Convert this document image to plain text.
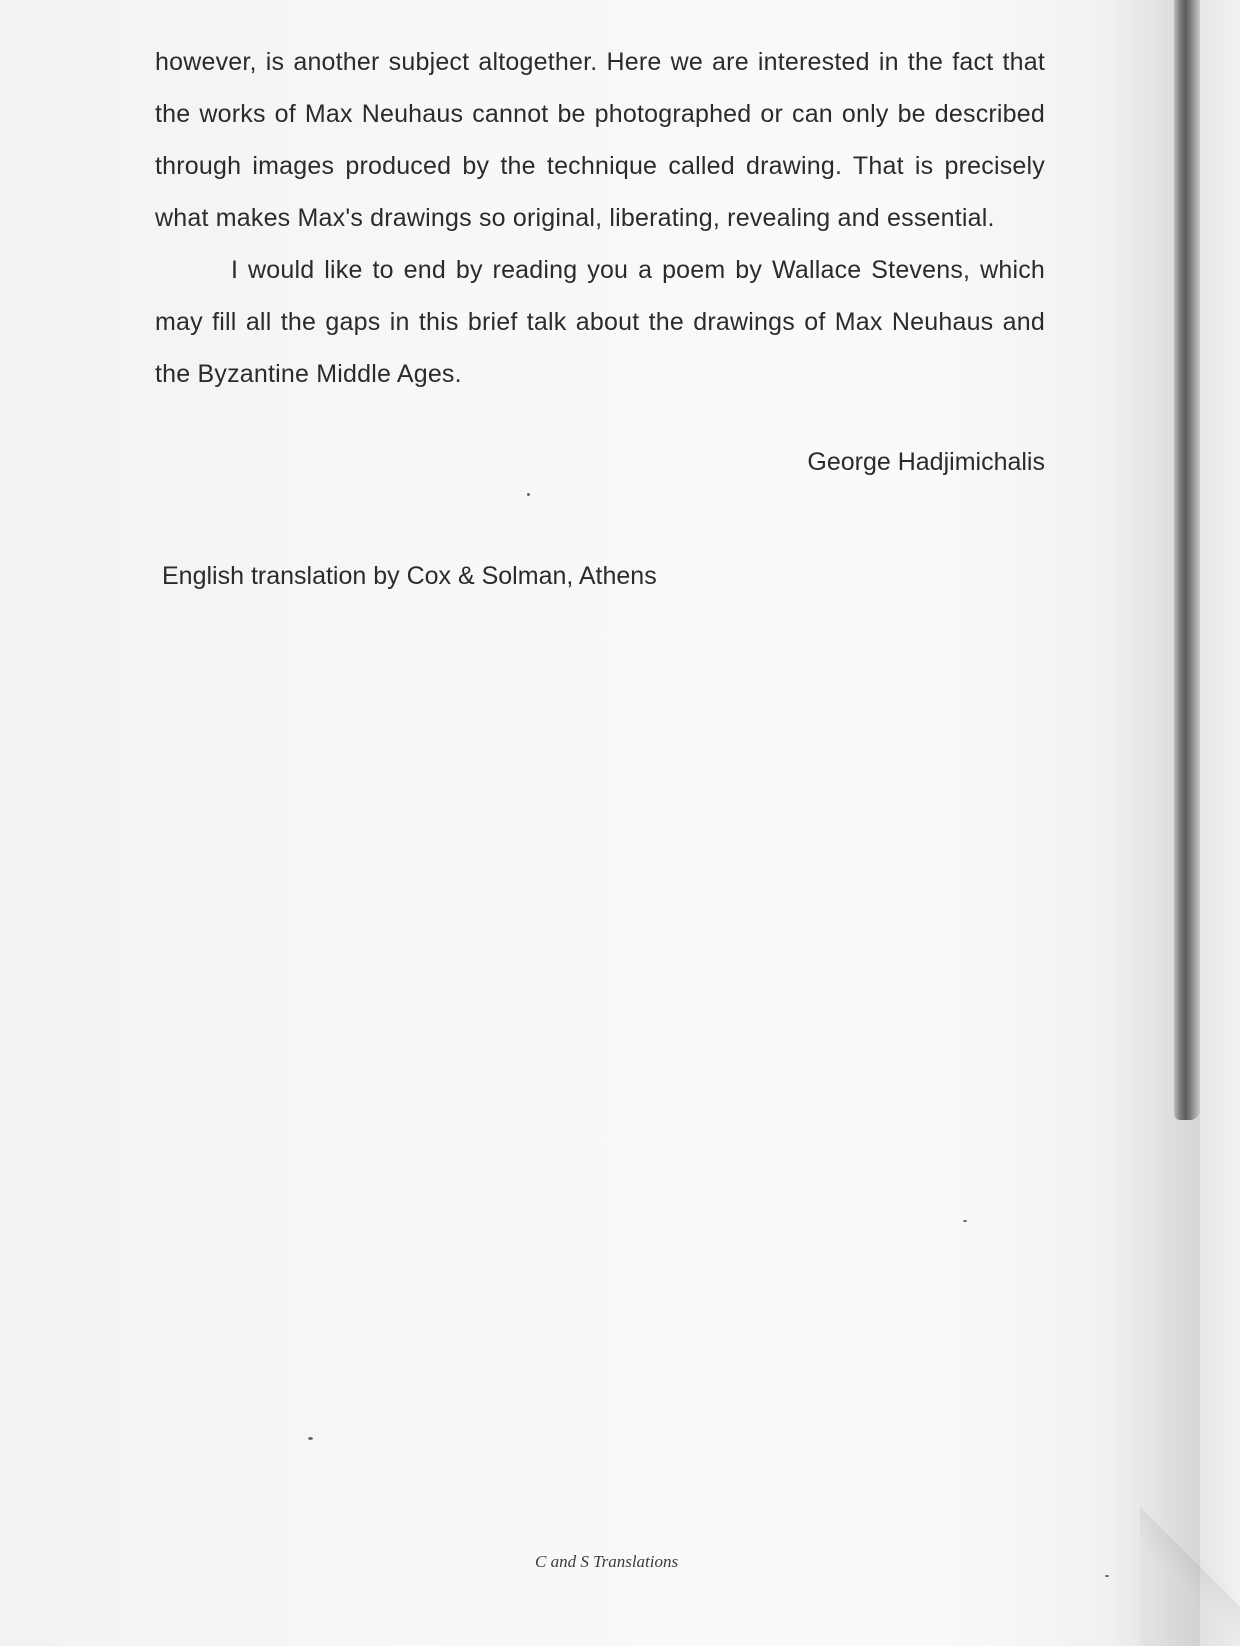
however, is another subject altogether. Here we are interested in the fact that the works of Max Neuhaus cannot be photographed or can only be described through images produced by the technique called drawing. That is precisely what makes Max's drawings so original, liberating, revealing and essential.

I would like to end by reading you a poem by Wallace Stevens, which may fill all the gaps in this brief talk about the drawings of Max Neuhaus and the Byzantine Middle Ages.

George Hadjimichalis
English translation by Cox & Solman, Athens
C and S Translations
